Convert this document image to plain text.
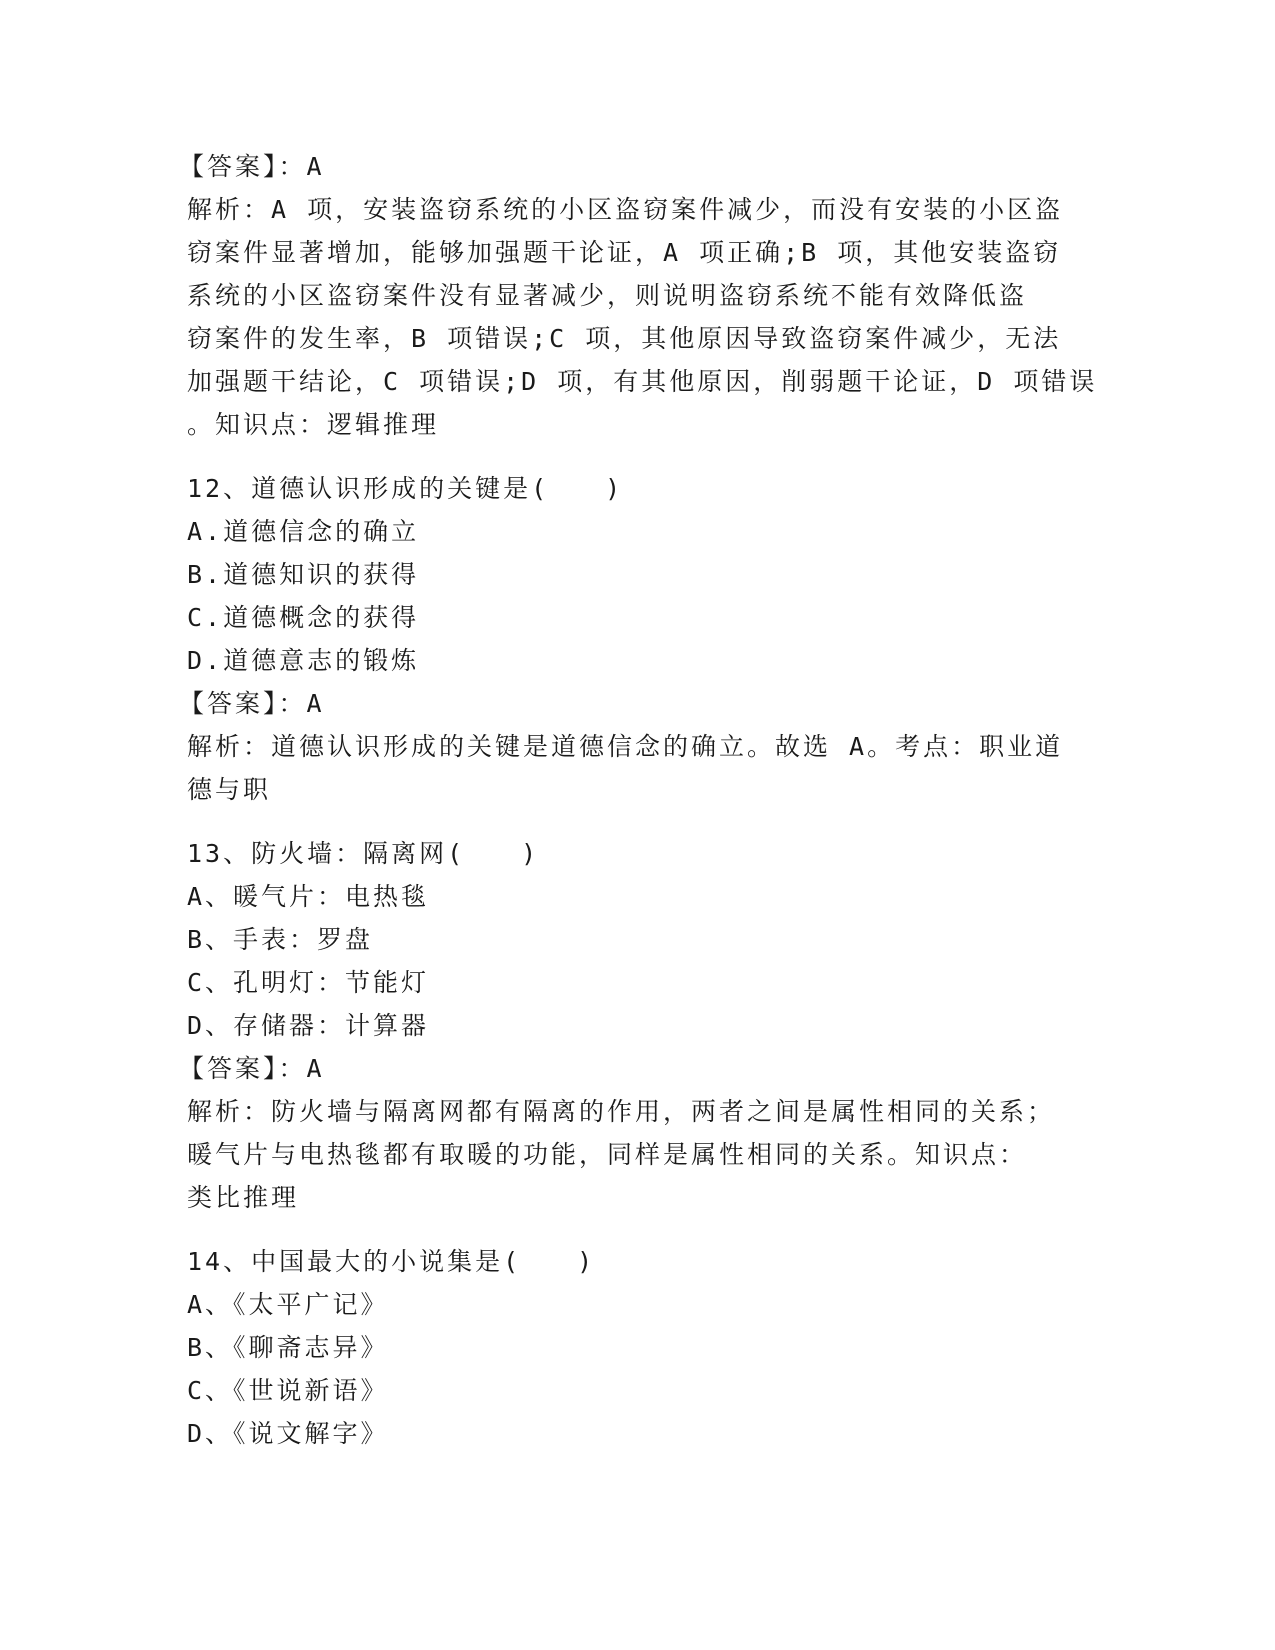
【答案】：A
解析：A 项，安装盗窃系统的小区盗窃案件减少，而没有安装的小区盗
窃案件显著增加，能够加强题干论证，A 项正确;B 项，其他安装盗窃
系统的小区盗窃案件没有显著减少，则说明盗窃系统不能有效降低盗
窃案件的发生率，B 项错误;C 项，其他原因导致盗窃案件减少，无法
加强题干结论，C 项错误;D 项，有其他原因，削弱题干论证，D 项错误
。知识点：逻辑推理
12、道德认识形成的关键是(　　)
A.道德信念的确立
B.道德知识的获得
C.道德概念的获得
D.道德意志的锻炼
【答案】：A
解析：道德认识形成的关键是道德信念的确立。故选 A。考点：职业道
德与职
13、防火墙：隔离网(　　)
A、暖气片：电热毯
B、手表：罗盘
C、孔明灯：节能灯
D、存储器：计算器
【答案】：A
解析：防火墙与隔离网都有隔离的作用，两者之间是属性相同的关系；
暖气片与电热毯都有取暖的功能，同样是属性相同的关系。知识点：
类比推理
14、中国最大的小说集是(　　)
A、《太平广记》
B、《聊斋志异》
C、《世说新语》
D、《说文解字》
